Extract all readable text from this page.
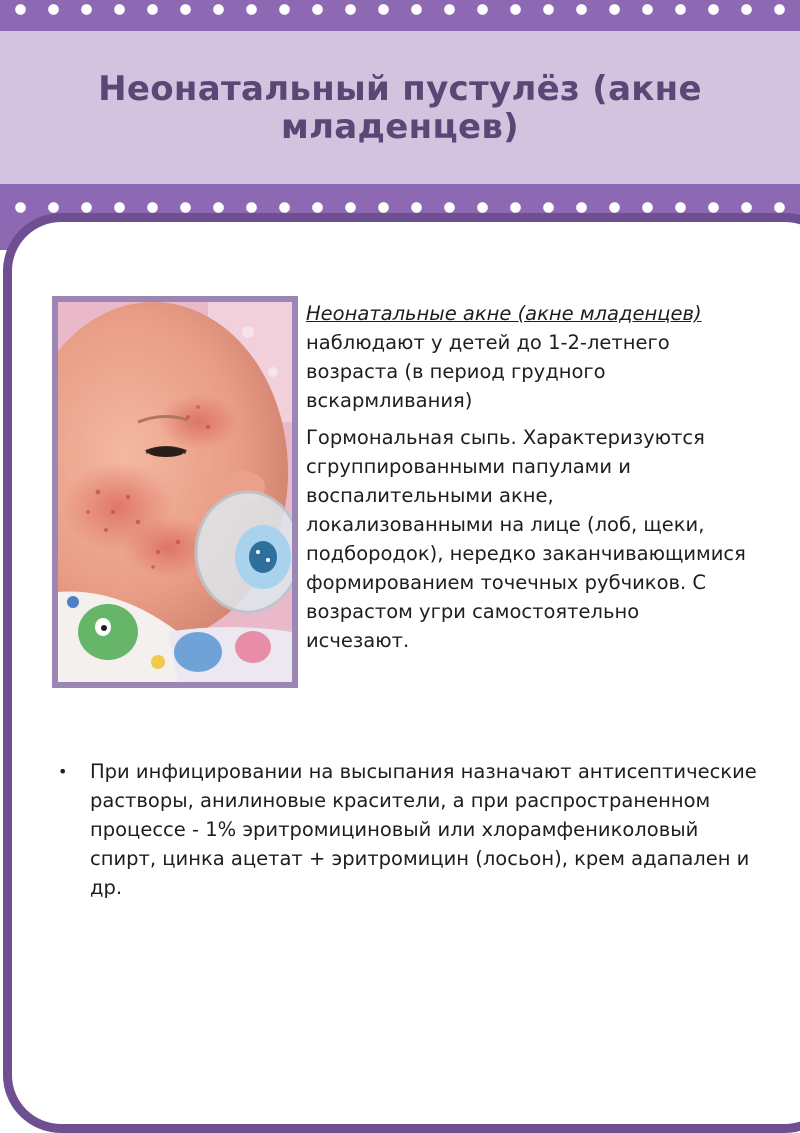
Неонатальный пустулёз (акне младенцев)

Неонатальные акне (акне младенцев) наблюдают у детей до 1-2-летнего возраста (в период грудного вскармливания)

Гормональная сыпь. Характеризуются сгруппированными папулами и воспалительными акне, локализованными на лице (лоб, щеки, подбородок), нередко заканчивающимися формированием точечных рубчиков. С возрастом угри самостоятельно исчезают.

•	При инфицировании на высыпания назначают антисептические растворы, анилиновые красители, а при распространенном процессе - 1% эритромициновый или хлорамфениколовый спирт, цинка ацетат + эритромицин (лосьон), крем адапален и др.
